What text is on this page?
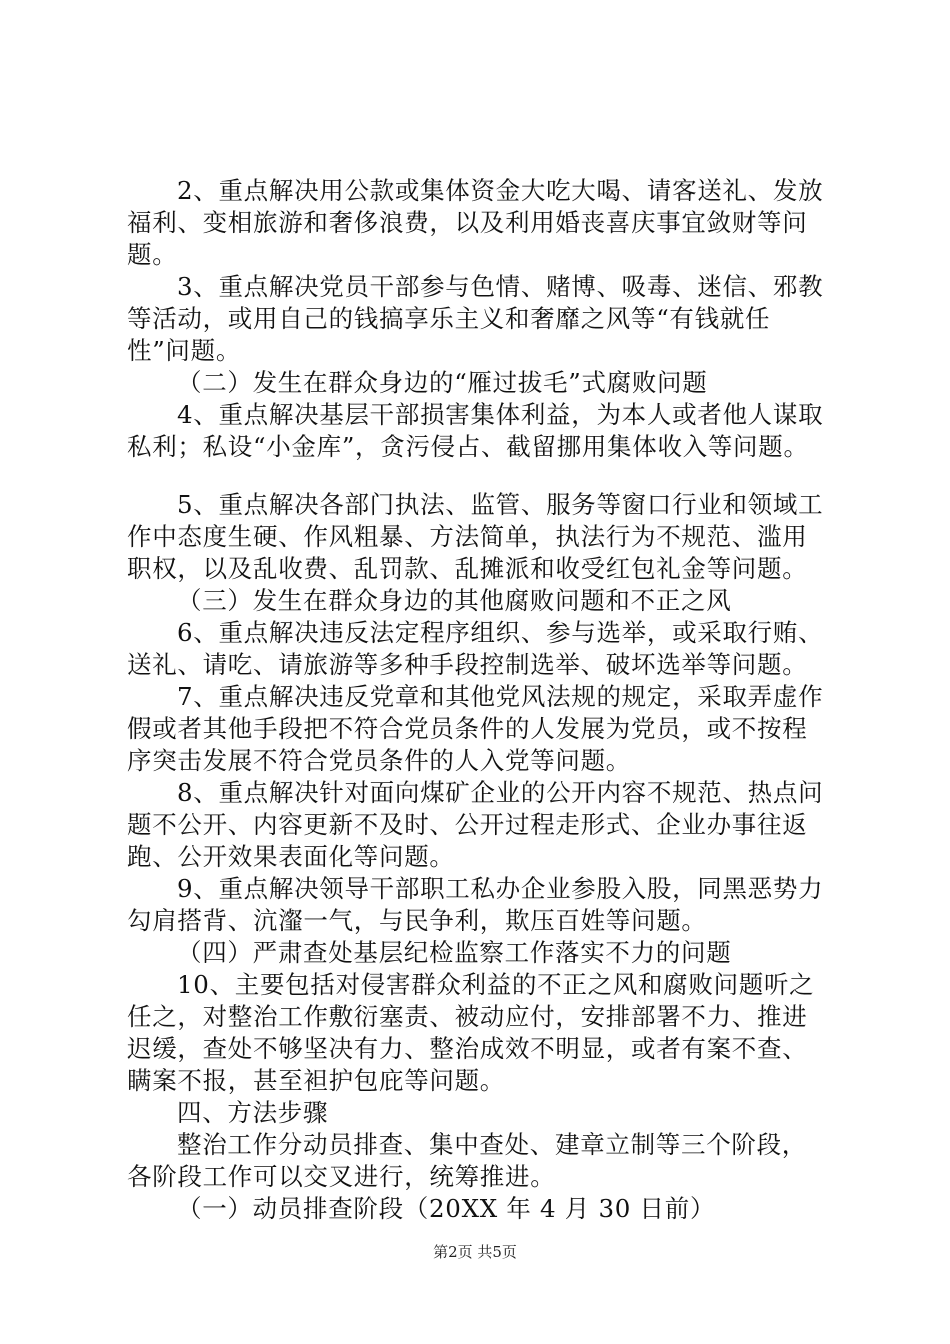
2、重点解决用公款或集体资金大吃大喝、请客送礼、发放
福利、变相旅游和奢侈浪费，以及利用婚丧喜庆事宜敛财等问
题。
3、重点解决党员干部参与色情、赌博、吸毒、迷信、邪教
等活动，或用自己的钱搞享乐主义和奢靡之风等“有钱就任
性”问题。
（二）发生在群众身边的“雁过拔毛”式腐败问题
4、重点解决基层干部损害集体利益，为本人或者他人谋取
私利；私设“小金库”，贪污侵占、截留挪用集体收入等问题。
5、重点解决各部门执法、监管、服务等窗口行业和领域工
作中态度生硬、作风粗暴、方法简单，执法行为不规范、滥用
职权，以及乱收费、乱罚款、乱摊派和收受红包礼金等问题。
（三）发生在群众身边的其他腐败问题和不正之风
6、重点解决违反法定程序组织、参与选举，或采取行贿、
送礼、请吃、请旅游等多种手段控制选举、破坏选举等问题。
7、重点解决违反党章和其他党风法规的规定，采取弄虚作
假或者其他手段把不符合党员条件的人发展为党员，或不按程
序突击发展不符合党员条件的人入党等问题。
8、重点解决针对面向煤矿企业的公开内容不规范、热点问
题不公开、内容更新不及时、公开过程走形式、企业办事往返
跑、公开效果表面化等问题。
9、重点解决领导干部职工私办企业参股入股，同黑恶势力
勾肩搭背、沆瀣一气，与民争利，欺压百姓等问题。
（四）严肃查处基层纪检监察工作落实不力的问题
10、主要包括对侵害群众利益的不正之风和腐败问题听之
任之，对整治工作敷衍塞责、被动应付，安排部署不力、推进
迟缓，查处不够坚决有力、整治成效不明显，或者有案不查、
瞒案不报，甚至袒护包庇等问题。
四、方法步骤
整治工作分动员排查、集中查处、建章立制等三个阶段，
各阶段工作可以交叉进行，统筹推进。
（一）动员排查阶段（20XX 年 4 月 30 日前）
第2页 共5页
